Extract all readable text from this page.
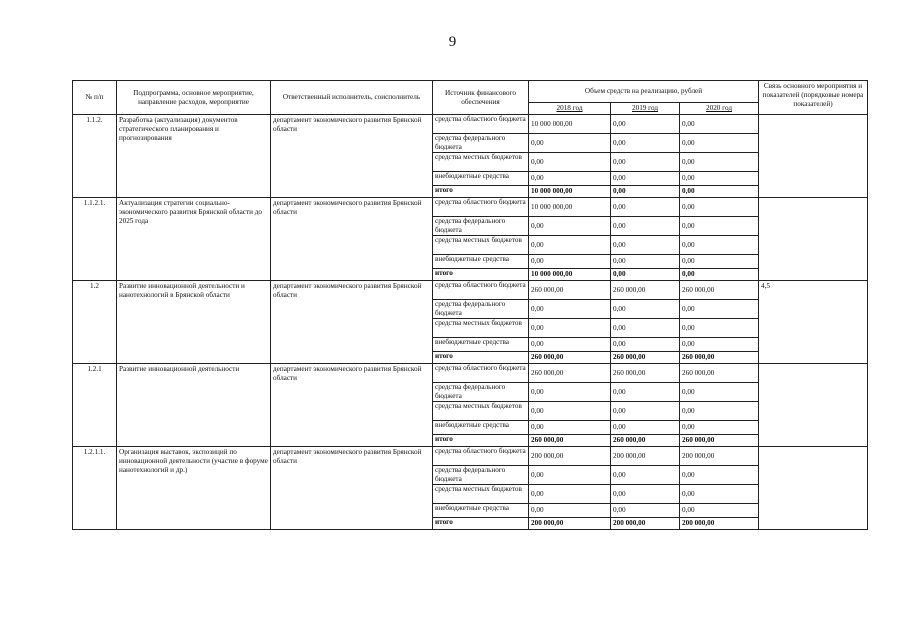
9
№ п/п	Подпрограмма, основное мероприятие, направление расходов, мероприятие	Ответственный исполнитель, соисполнитель	Источник финансового обеспечения	Объем средств на реализацию, рублей			Связь основного мероприятия и показателей (порядковые номера показателей)
				2018 год	2019 год	2020 год	
1.1.2.	Разработка (актуализация) документов стратегического планирования и прогнозирования	департамент экономического развития Брянской области	средства областного бюджета	10 000 000,00	0,00	0,00	
			средства федерального бюджета	0,00	0,00	0,00	
			средства местных бюджетов	0,00	0,00	0,00	
			внебюджетные средства	0,00	0,00	0,00	
			итого	10 000 000,00	0,00	0,00	
1.1.2.1.	Актуализация стратегии социально-экономического развития Брянской области до 2025 года	департамент экономического развития Брянской области	средства областного бюджета	10 000 000,00	0,00	0,00	
			средства федерального бюджета	0,00	0,00	0,00	
			средства местных бюджетов	0,00	0,00	0,00	
			внебюджетные средства	0,00	0,00	0,00	
			итого	10 000 000,00	0,00	0,00	
1.2	Развитие инновационной деятельности и нанотехнологий в Брянской области	департамент экономического развития Брянской области	средства областного бюджета	260 000,00	260 000,00	260 000,00	4,5
			средства федерального бюджета	0,00	0,00	0,00	
			средства местных бюджетов	0,00	0,00	0,00	
			внебюджетные средства	0,00	0,00	0,00	
			итого	260 000,00	260 000,00	260 000,00	
1.2.1	Развитие инновационной деятельности	департамент экономического развития Брянской области	средства областного бюджета	260 000,00	260 000,00	260 000,00	
			средства федерального бюджета	0,00	0,00	0,00	
			средства местных бюджетов	0,00	0,00	0,00	
			внебюджетные средства	0,00	0,00	0,00	
			итого	260 000,00	260 000,00	260 000,00	
1.2.1.1.	Организация выставок, экспозиций по инновационной деятельности (участие в форуме нанотехнологий и др.)	департамент экономического развития Брянской области	средства областного бюджета	200 000,00	200 000,00	200 000,00	
			средства федерального бюджета	0,00	0,00	0,00	
			средства местных бюджетов	0,00	0,00	0,00	
			внебюджетные средства	0,00	0,00	0,00	
			итого	200 000,00	200 000,00	200 000,00	
